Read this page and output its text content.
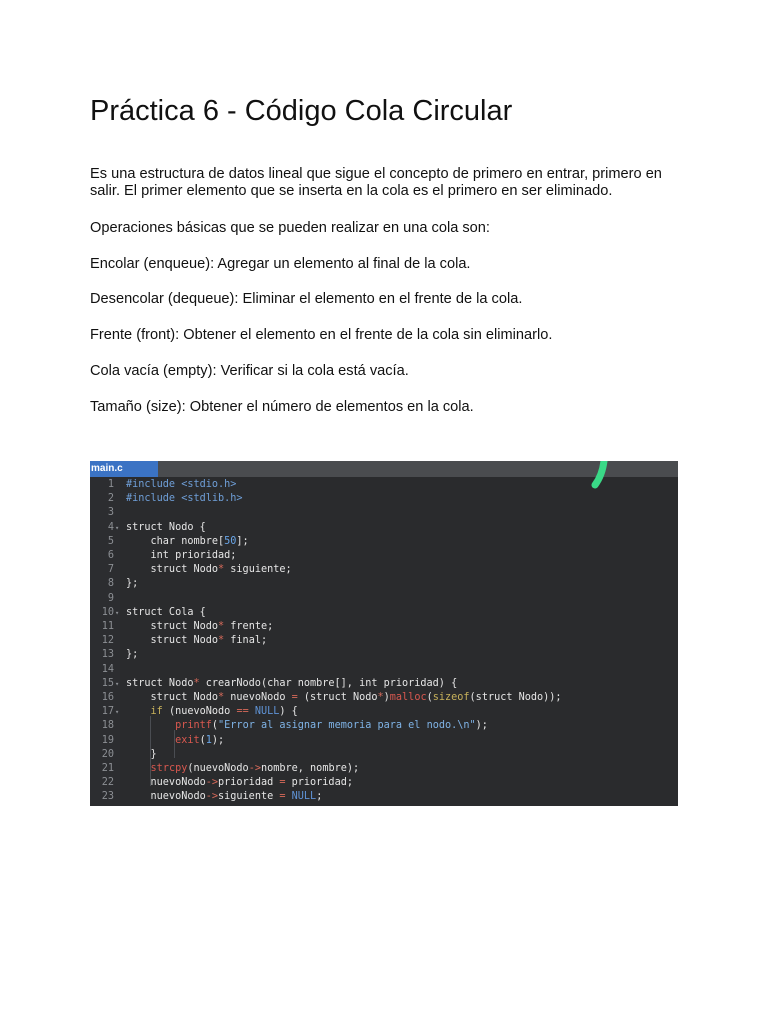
Práctica 6 - Código Cola Circular

Es una estructura de datos lineal que sigue el concepto de primero en entrar, primero en salir. El primer elemento que se inserta en la cola es el primero en ser eliminado.

Operaciones básicas que se pueden realizar en una cola son:

Encolar (enqueue): Agregar un elemento al final de la cola.

Desencolar (dequeue): Eliminar el elemento en el frente de la cola.

Frente (front): Obtener el elemento en el frente de la cola sin eliminarlo.

Cola vacía (empty): Verificar si la cola está vacía.

Tamaño (size): Obtener el número de elementos en la cola.

main.c
1 #include <stdio.h>
2 #include <stdlib.h>
3
4 ▾ struct Nodo {
5 char nombre[50];
6 int prioridad;
7 struct Nodo* siguiente;
8 };
9
10 ▾ struct Cola {
11 struct Nodo* frente;
12 struct Nodo* final;
13 };
14
15 ▾ struct Nodo* crearNodo(char nombre[], int prioridad) {
16 struct Nodo* nuevoNodo = (struct Nodo*)malloc(sizeof(struct Nodo));
17 ▾	if (nuevoNodo == NULL) {
18	printf("Error al asignar memoria para el nodo.\n");
19	exit(1);
20 }
21	strcpy(nuevoNodo->nombre, nombre);
22 nuevoNodo->prioridad = prioridad;
23 nuevoNodo->siguiente = NULL;
